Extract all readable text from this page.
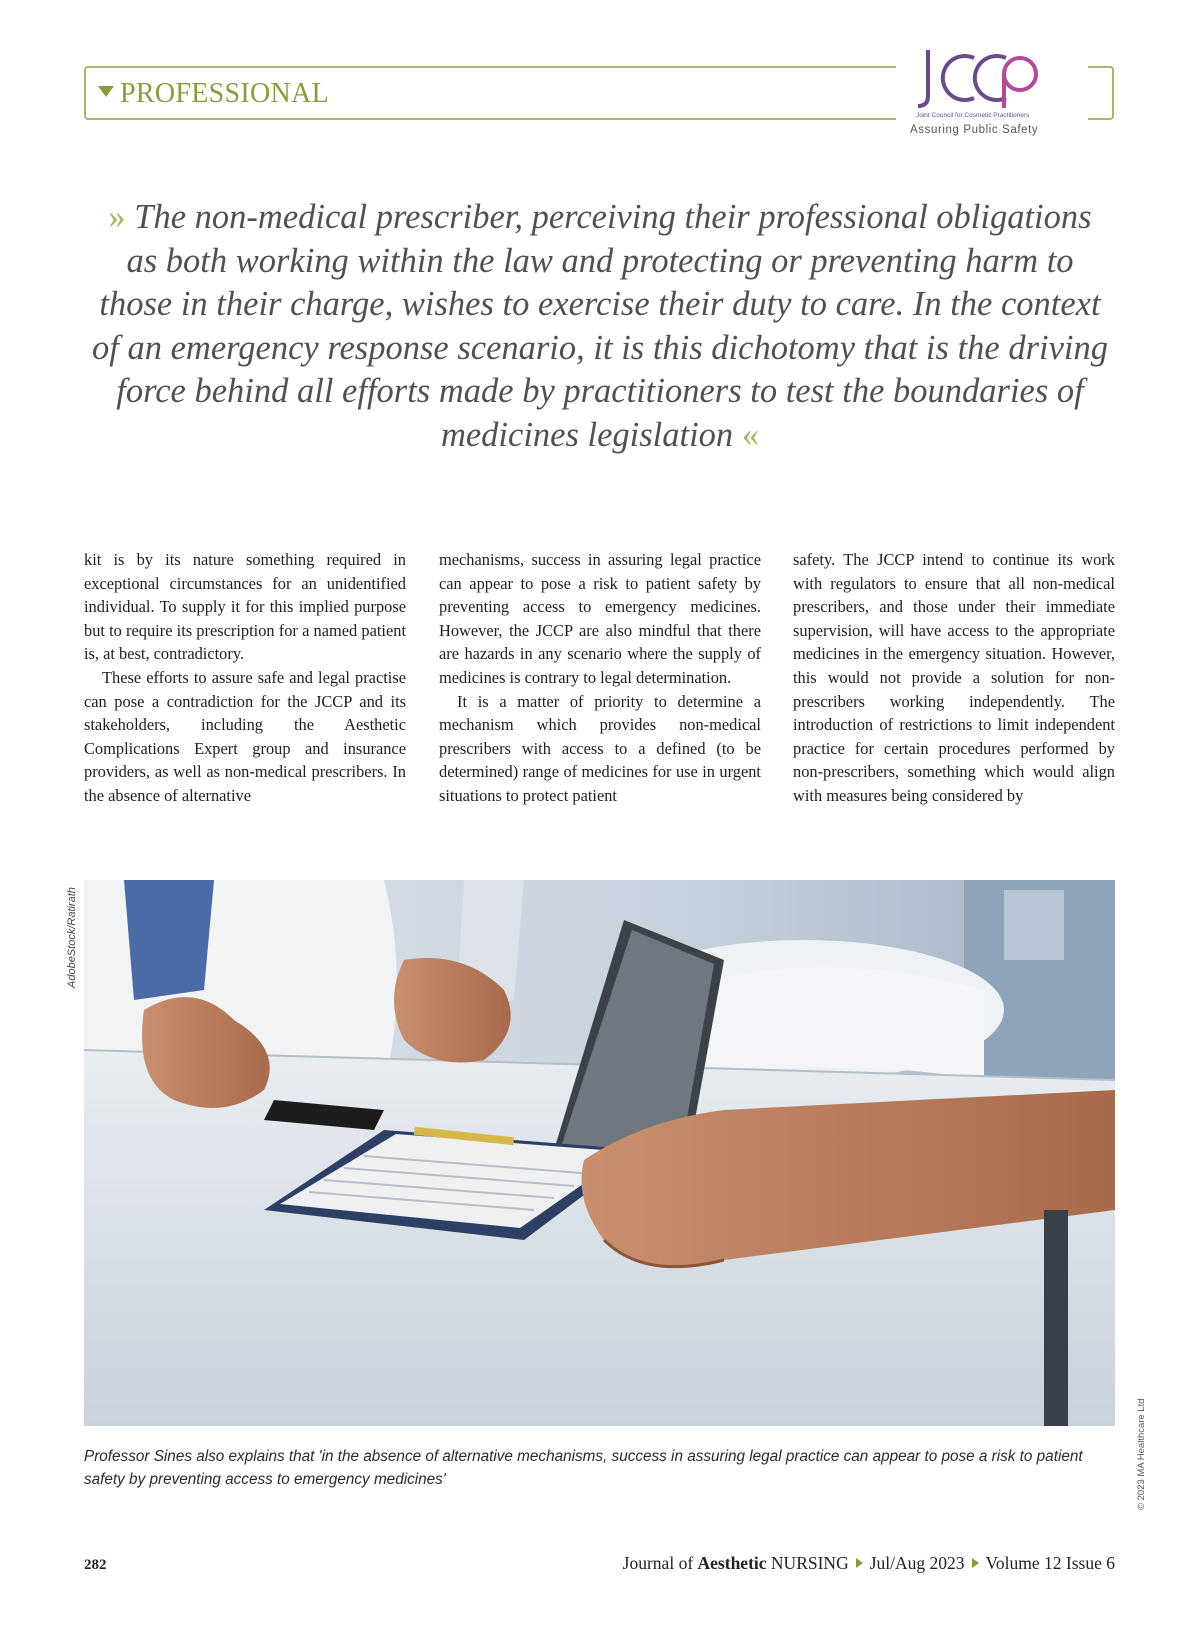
PROFESSIONAL
Joint Council for Cosmetic Practitioners
Assuring Public Safety
» The non-medical prescriber, perceiving their professional obligations as both working within the law and protecting or preventing harm to those in their charge, wishes to exercise their duty to care. In the context of an emergency response scenario, it is this dichotomy that is the driving force behind all efforts made by practitioners to test the boundaries of medicines legislation «

kit is by its nature something required in exceptional circumstances for an unidentified individual. To supply it for this implied purpose but to require its prescription for a named patient is, at best, contradictory.

These efforts to assure safe and legal practise can pose a contradiction for the JCCP and its stakeholders, including the Aesthetic Complications Expert group and insurance providers, as well as non-medical prescribers. In the absence of alternative

mechanisms, success in assuring legal practice can appear to pose a risk to patient safety by preventing access to emergency medicines. However, the JCCP are also mindful that there are hazards in any scenario where the supply of medicines is contrary to legal determination.

It is a matter of priority to determine a mechanism which provides non-medical prescribers with access to a defined (to be determined) range of medicines for use in urgent situations to protect patient

safety. The JCCP intend to continue its work with regulators to ensure that all non-medical prescribers, and those under their immediate supervision, will have access to the appropriate medicines in the emergency situation. However, this would not provide a solution for non-prescribers working independently. The introduction of restrictions to limit independent practice for certain procedures performed by non-prescribers, something which would align with measures being considered by

AdobeStock/Ratirath
© 2023 MA Healthcare Ltd
Professor Sines also explains that 'in the absence of alternative mechanisms, success in assuring legal practice can appear to pose a risk to patient safety by preventing access to emergency medicines'
282	Journal of Aesthetic NURSING Jul/Aug 2023 Volume 12 Issue 6
